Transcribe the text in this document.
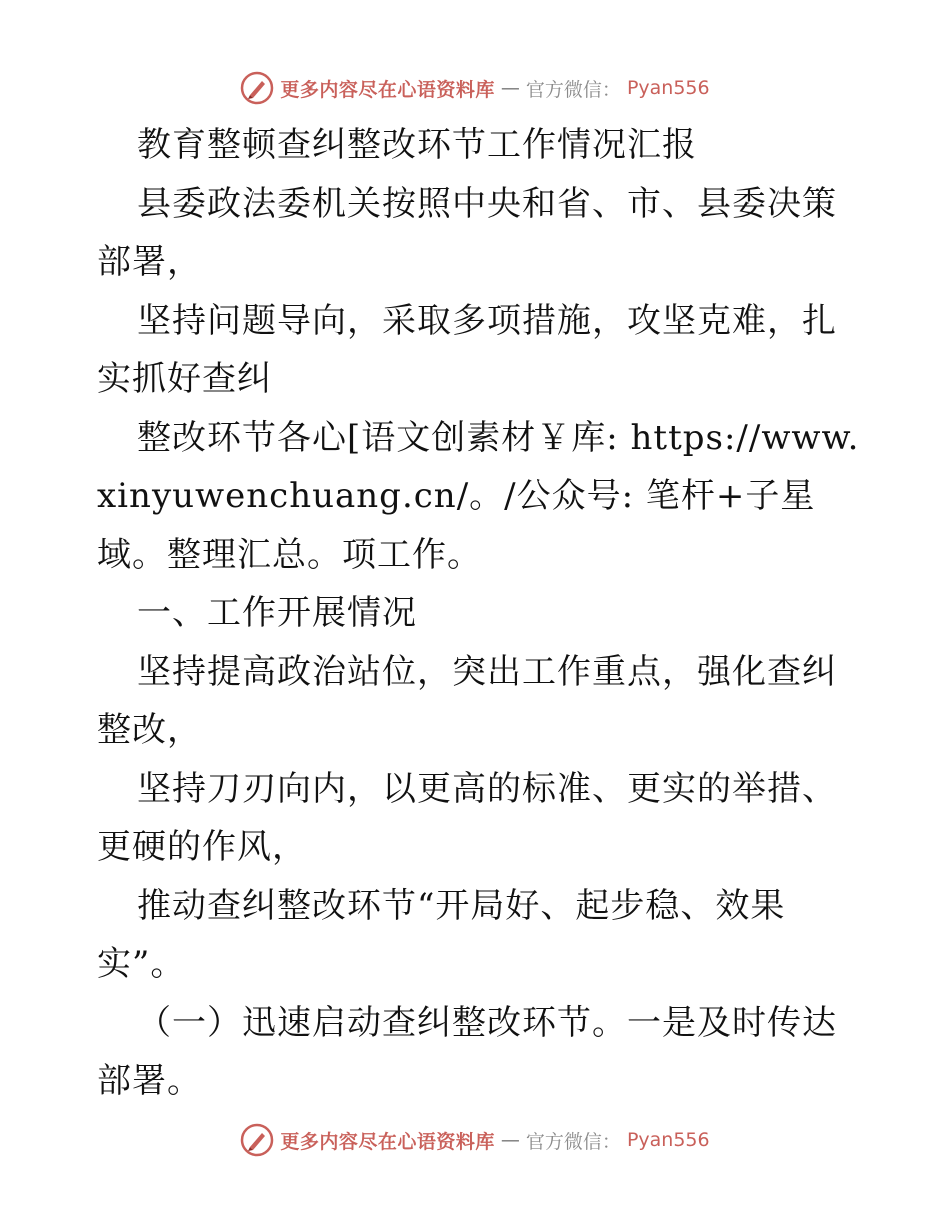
更多内容尽在心语资料库 — 官方微信： Pyan556

教育整顿查纠整改环节工作情况汇报

县委政法委机关按照中央和省、市、县委决策部署，

坚持问题导向，采取多项措施，攻坚克难，扎实抓好查纠

整改环节各心[语文创素材￥库: https://www.xinyuwenchuang.cn/。/公众号: 笔杆+子星域。整理汇总。项工作。

一、工作开展情况

坚持提高政治站位，突出工作重点，强化查纠整改，

坚持刀刃向内，以更高的标准、更实的举措、更硬的作风，

推动查纠整改环节“开局好、起步稳、效果实”。

（一）迅速启动查纠整改环节。一是及时传达部署。

更多内容尽在心语资料库 — 官方微信： Pyan556
